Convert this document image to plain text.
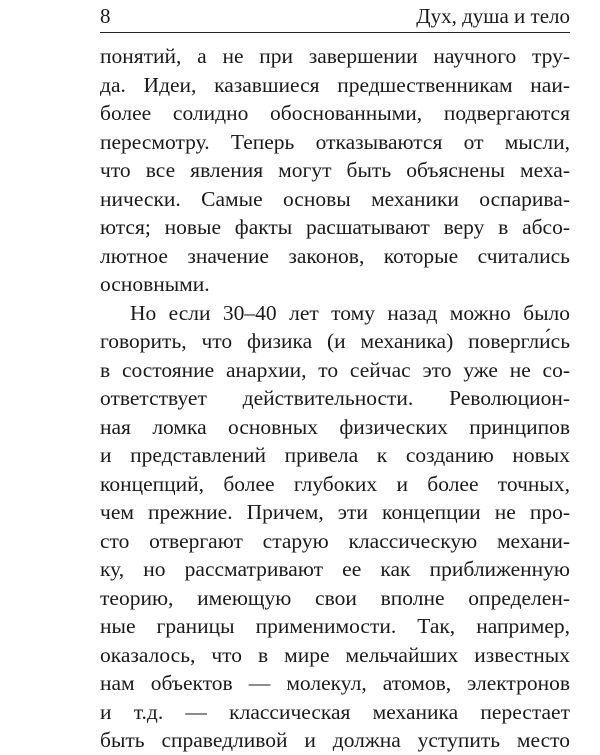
8	Дух, душа и тело
понятий, а не при завершении научного тру-
да. Идеи, казавшиеся предшественникам наи-
более солидно обоснованными, подвергаются
пересмотру. Теперь отказываются от мысли,
что все явления могут быть объяснены меха-
нически. Самые основы механики оспарива-
ются; новые факты расшатывают веру в абсо-
лютное значение законов, которые считались
основными.
Но если 30–40 лет тому назад можно было
говорить, что физика (и механика) повергли́сь
в состояние анархии, то сейчас это уже не со-
ответствует действительности. Революцион-
ная ломка основных физических принципов
и представлений привела к созданию новых
концепций, более глубоких и более точных,
чем прежние. Причем, эти концепции не про-
сто отвергают старую классическую механи-
ку, но рассматривают ее как приближенную
теорию, имеющую свои вполне определен-
ные границы применимости. Так, например,
оказалось, что в мире мельчайших известных
нам объектов — молекул, атомов, электронов
и т.д. — классическая механика перестает
быть справедливой и должна уступить место
